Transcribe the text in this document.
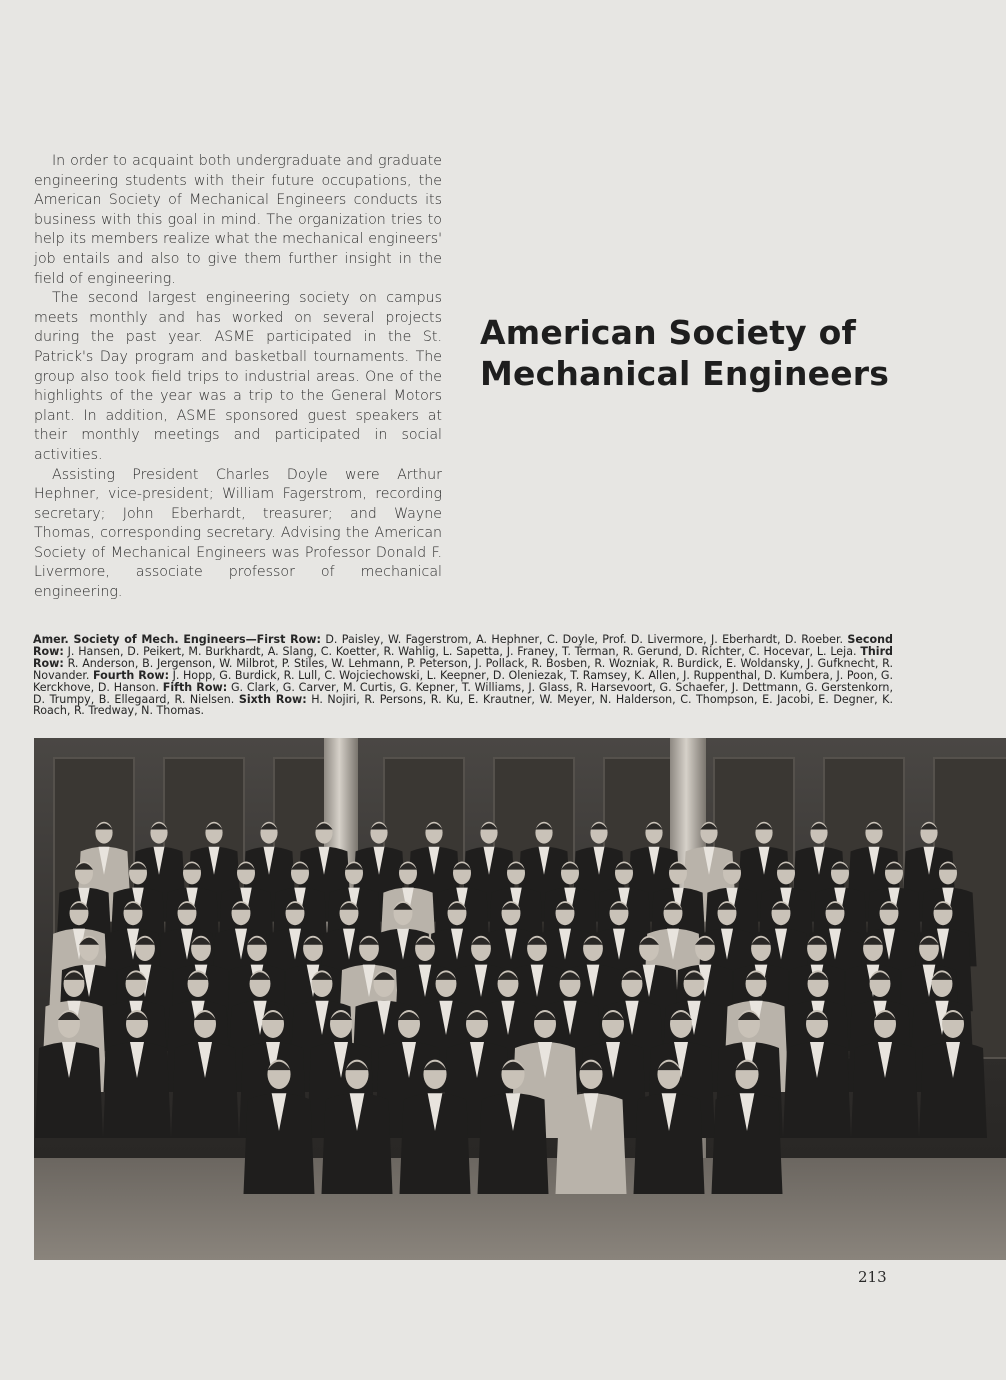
In order to acquaint both undergraduate and graduate engineering students with their future occupations, the American Society of Mechanical Engineers conducts its business with this goal in mind. The organization tries to help its members realize what the mechanical engineers' job entails and also to give them further insight in the field of engineering.

The second largest engineering society on campus meets monthly and has worked on several projects during the past year. ASME participated in the St. Patrick's Day program and basketball tournaments. The group also took field trips to industrial areas. One of the highlights of the year was a trip to the General Motors plant. In addition, ASME sponsored guest speakers at their monthly meetings and participated in social activities.

Assisting President Charles Doyle were Arthur Hephner, vice-president; William Fagerstrom, recording secretary; John Eberhardt, treasurer; and Wayne Thomas, corresponding secretary. Advising the American Society of Mechanical Engineers was Professor Donald F. Livermore, associate professor of mechanical engineering.

American Society of
Mechanical Engineers
Amer. Society of Mech. Engineers—First Row: D. Paisley, W. Fagerstrom, A. Hephner, C. Doyle, Prof. D. Livermore, J. Eberhardt, D. Roeber. Second Row: J. Hansen, D. Peikert, M. Burkhardt, A. Slang, C. Koetter, R. Wahlig, L. Sapetta, J. Franey, T. Terman, R. Gerund, D. Richter, C. Hocevar, L. Leja. Third Row: R. Anderson, B. Jergenson, W. Milbrot, P. Stiles, W. Lehmann, P. Peterson, J. Pollack, R. Bosben, R. Wozniak, R. Burdick, E. Woldansky, J. Gufknecht, R. Novander. Fourth Row: J. Hopp, G. Burdick, R. Lull, C. Wojciechowski, L. Keepner, D. Oleniezak, T. Ramsey, K. Allen, J. Ruppenthal, D. Kumbera, J. Poon, G. Kerckhove, D. Hanson. Fifth Row: G. Clark, G. Carver, M. Curtis, G. Kepner, T. Williams, J. Glass, R. Harsevoort, G. Schaefer, J. Dettmann, G. Gerstenkorn, D. Trumpy, B. Ellegaard, R. Nielsen. Sixth Row: H. Nojiri, R. Persons, R. Ku, E. Krautner, W. Meyer, N. Halderson, C. Thompson, E. Jacobi, E. Degner, K. Roach, R. Tredway, N. Thomas.
213
